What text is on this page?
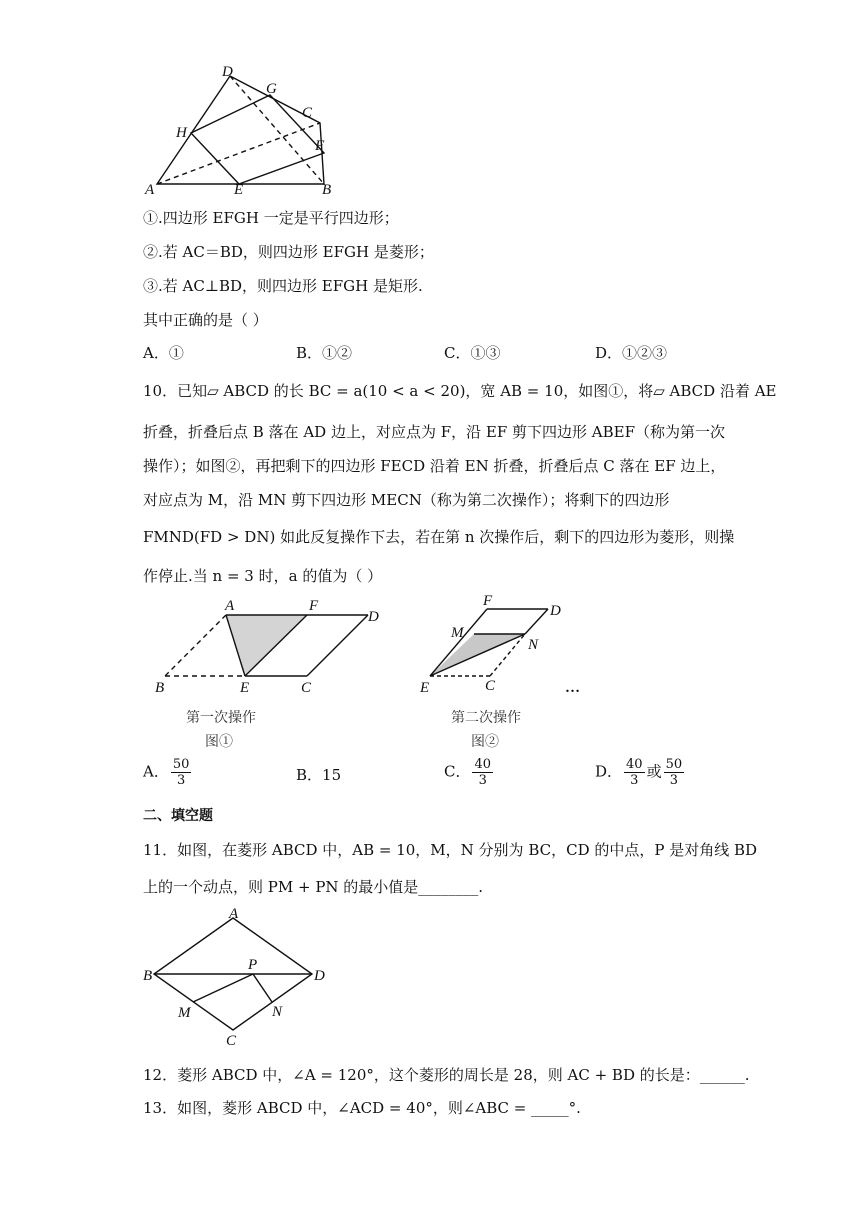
D
G
C
H
F
A	E	B
①.四边形 EFGH 一定是平行四边形；
②.若 AC＝BD，则四边形 EFGH 是菱形；
③.若 AC⊥BD，则四边形 EFGH 是矩形.
其中正确的是（ ）
A．①	B．①②	C．①③	D．①②③
10．已知▱ ABCD 的长 BC = a(10 < a < 20)，宽 AB = 10，如图①，将▱ ABCD 沿着 AE
折叠，折叠后点 B 落在 AD 边上，对应点为 F，沿 EF 剪下四边形 ABEF（称为第一次
操作）；如图②，再把剩下的四边形 FECD 沿着 EN 折叠，折叠后点 C 落在 EF 边上，
对应点为 M，沿 MN 剪下四边形 MECN（称为第二次操作）；将剩下的四边形
FMND(FD > DN) 如此反复操作下去，若在第 n 次操作后，剩下的四边形为菱形，则操
作停止.当 n = 3 时，a 的值为（ ）
A	F
D
B	E	C
第一次操作
图①
F
D
M
N
E	C	…
第二次操作
图②
A． $\frac{50}{3}$	B．15	C． $\frac{40}{3}$	D． $\frac{40}{3}$ 或 $\frac{50}{3}$
二、填空题
11．如图，在菱形 ABCD 中，AB = 10，M，N 分别为 BC，CD 的中点，P 是对角线 BD
上的一个动点，则 PM + PN 的最小值是________.
A
B
P
D
M	N
C
12．菱形 ABCD 中，∠A = 120°，这个菱形的周长是 28，则 AC + BD 的长是：______.
13．如图，菱形 ABCD 中，∠ACD = 40°，则∠ABC = _____°.
